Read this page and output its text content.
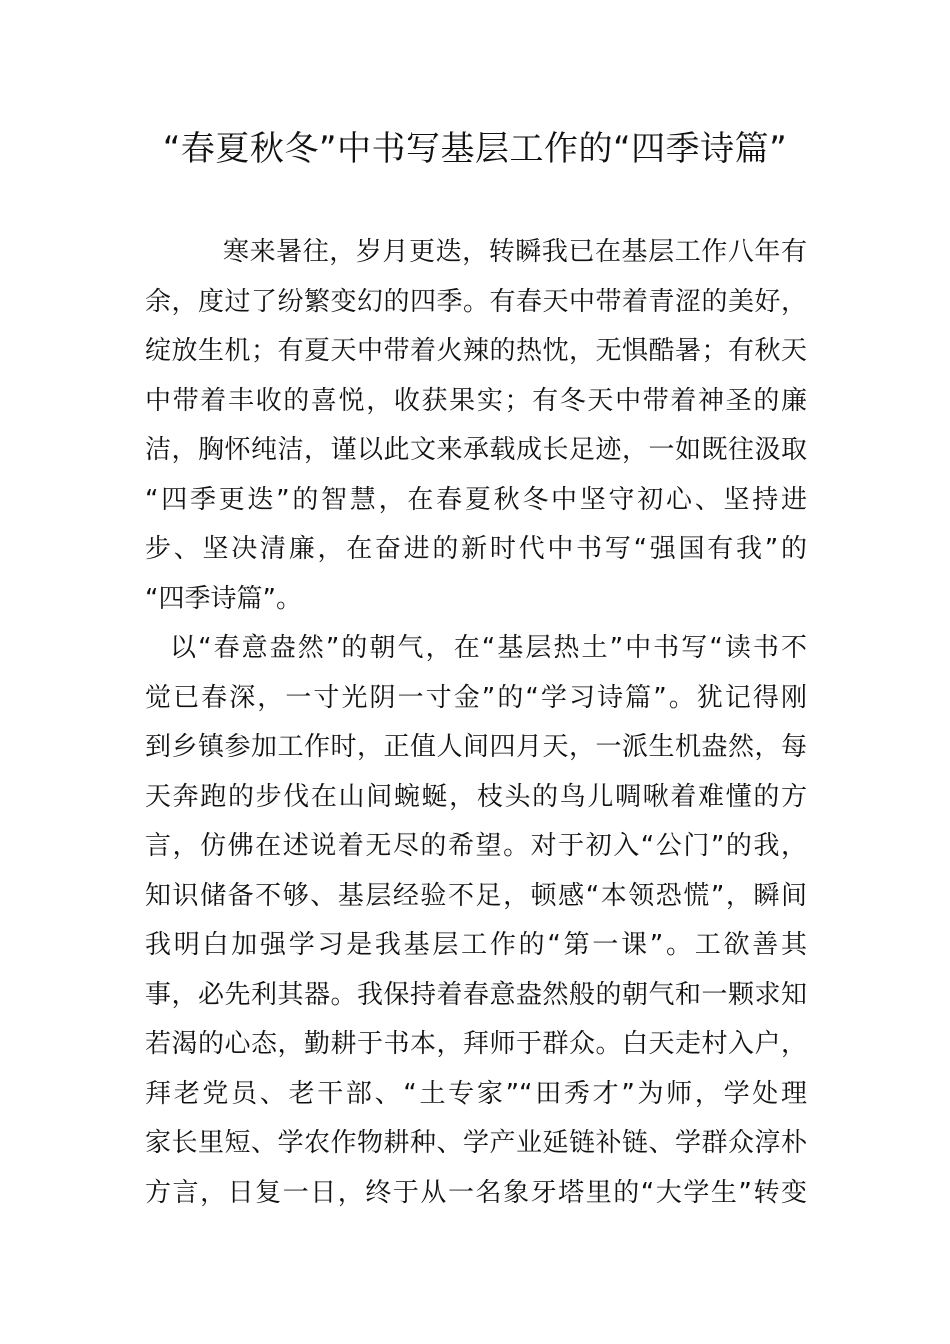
“春夏秋冬”中书写基层工作的“四季诗篇”
寒来暑往，岁月更迭，转瞬我已在基层工作八年有
余，度过了纷繁变幻的四季。有春天中带着青涩的美好，
绽放生机；有夏天中带着火辣的热忱，无惧酷暑；有秋天
中带着丰收的喜悦，收获果实；有冬天中带着神圣的廉
洁，胸怀纯洁，谨以此文来承载成长足迹，一如既往汲取
“四季更迭”的智慧，在春夏秋冬中坚守初心、坚持进
步、坚决清廉，在奋进的新时代中书写“强国有我”的
“四季诗篇”。
以“春意盎然”的朝气，在“基层热土”中书写“读书不
觉已春深，一寸光阴一寸金”的“学习诗篇”。犹记得刚
到乡镇参加工作时，正值人间四月天，一派生机盎然，每
天奔跑的步伐在山间蜿蜒，枝头的鸟儿啁啾着难懂的方
言，仿佛在述说着无尽的希望。对于初入“公门”的我，
知识储备不够、基层经验不足，顿感“本领恐慌”，瞬间
我明白加强学习是我基层工作的“第一课”。工欲善其
事，必先利其器。我保持着春意盎然般的朝气和一颗求知
若渴的心态，勤耕于书本，拜师于群众。白天走村入户，
拜老党员、老干部、“土专家”“田秀才”为师，学处理
家长里短、学农作物耕种、学产业延链补链、学群众淳朴
方言，日复一日，终于从一名象牙塔里的“大学生”转变
